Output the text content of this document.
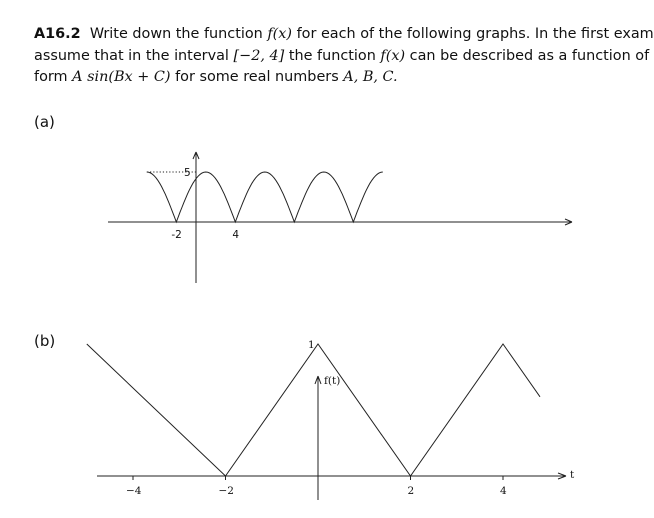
A16.2 Write down the function f(x) for each of the following graphs. In the first exam
assume that in the interval [−2, 4] the function f(x) can be described as a function of
form A sin(Bx + C) for some real numbers A, B, C.
(a)
(b)
-2	4
5
f(t)
t
−4	−2	2	4
1
